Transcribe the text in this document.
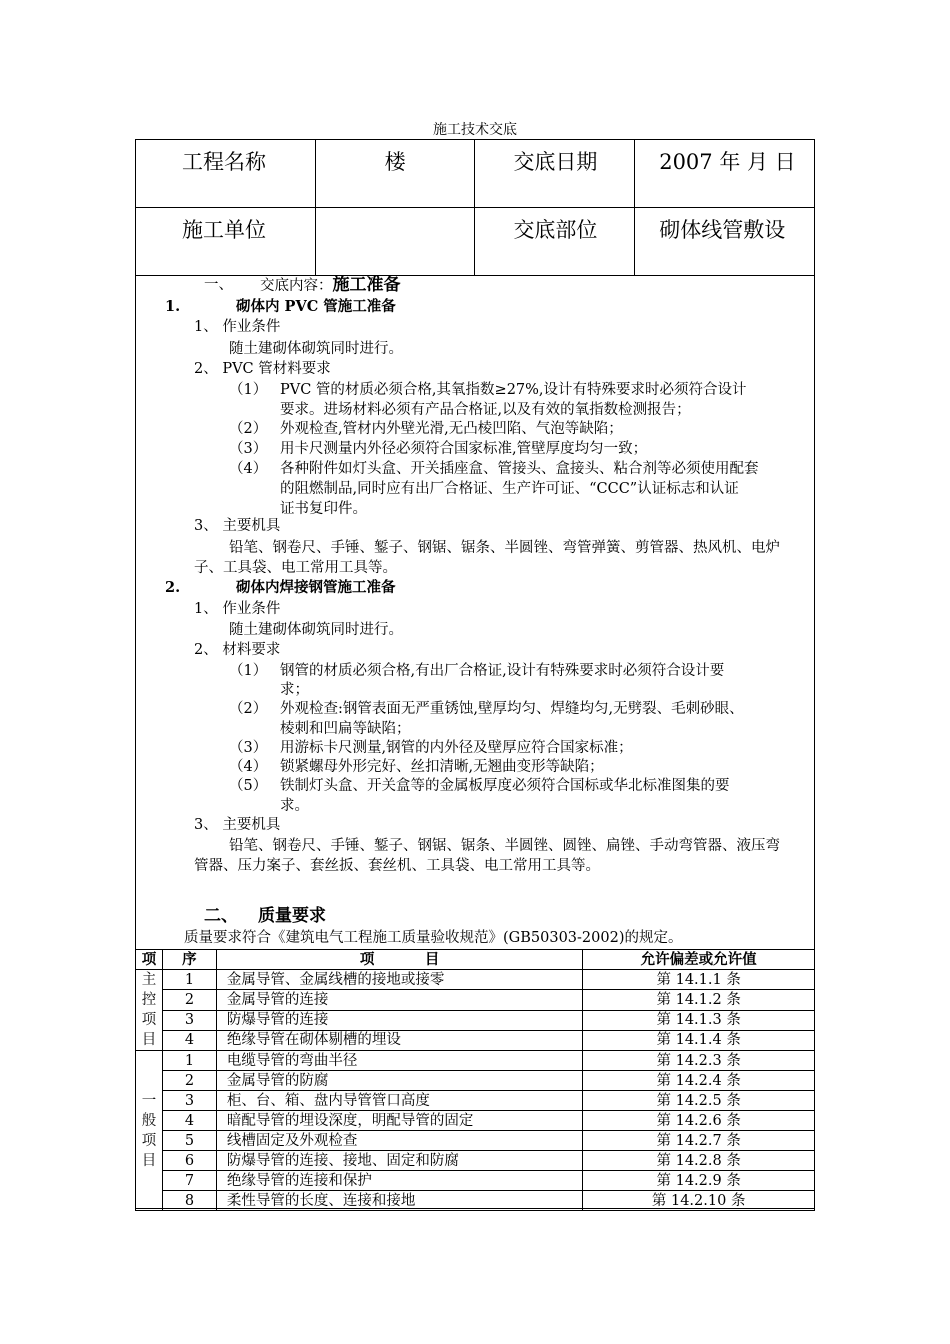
施工技术交底
工程名称	楼	交底日期	2007 年 月 日
施工单位		交底部位	砌体线管敷设
一、 交底内容：施工准备
1.	砌体内 PVC 管施工准备
1、 作业条件
随土建砌体砌筑同时进行。
2、 PVC 管材料要求
（1） PVC 管的材质必须合格,其氧指数≥27%,设计有特殊要求时必须符合设计
要求。进场材料必须有产品合格证,以及有效的氧指数检测报告；
（2） 外观检查,管材内外壁光滑,无凸棱凹陷、气泡等缺陷；
（3） 用卡尺测量内外径必须符合国家标准,管壁厚度均匀一致；
（4） 各种附件如灯头盒、开关插座盒、管接头、盒接头、粘合剂等必须使用配套
的阻燃制品,同时应有出厂合格证、生产许可证、“CCC”认证标志和认证
证书复印件。
3、 主要机具
铅笔、钢卷尺、手锤、錾子、钢锯、锯条、半圆锉、弯管弹簧、剪管器、热风机、电炉
子、工具袋、电工常用工具等。
2.	砌体内焊接钢管施工准备
1、 作业条件
随土建砌体砌筑同时进行。
2、 材料要求
（1） 钢管的材质必须合格,有出厂合格证,设计有特殊要求时必须符合设计要
求；
（2） 外观检查:钢管表面无严重锈蚀,壁厚均匀、焊缝均匀,无劈裂、毛刺砂眼、
棱刺和凹扁等缺陷；
（3） 用游标卡尺测量,钢管的内外径及壁厚应符合国家标准；
（4） 锁紧螺母外形完好、丝扣清晰,无翘曲变形等缺陷；
（5） 铁制灯头盒、开关盒等的金属板厚度必须符合国标或华北标准图集的要
求。
3、 主要机具
铅笔、钢卷尺、手锤、錾子、钢锯、锯条、半圆锉、圆锉、扁锉、手动弯管器、液压弯
管器、压力案子、套丝扳、套丝机、工具袋、电工常用工具等。
二、 质量要求
质量要求符合《建筑电气工程施工质量验收规范》(GB50303-2002)的规定。
项	序	项          目	允许偏差或允许值

主
控
项
目	1	金属导管、金属线槽的接地或接零	第 14.1.1 条
	2	金属导管的连接	第 14.1.2 条
	3	防爆导管的连接	第 14.1.3 条
	4	绝缘导管在砌体剔槽的埋设	第 14.1.4 条

一
般
项
目	1	电缆导管的弯曲半径	第 14.2.3 条
	2	金属导管的防腐	第 14.2.4 条
	3	柜、台、箱、盘内导管管口高度	第 14.2.5 条
	4	暗配导管的埋设深度，明配导管的固定	第 14.2.6 条
	5	线槽固定及外观检查	第 14.2.7 条
	6	防爆导管的连接、接地、固定和防腐	第 14.2.8 条
	7	绝缘导管的连接和保护	第 14.2.9 条
	8	柔性导管的长度、连接和接地	第 14.2.10 条
